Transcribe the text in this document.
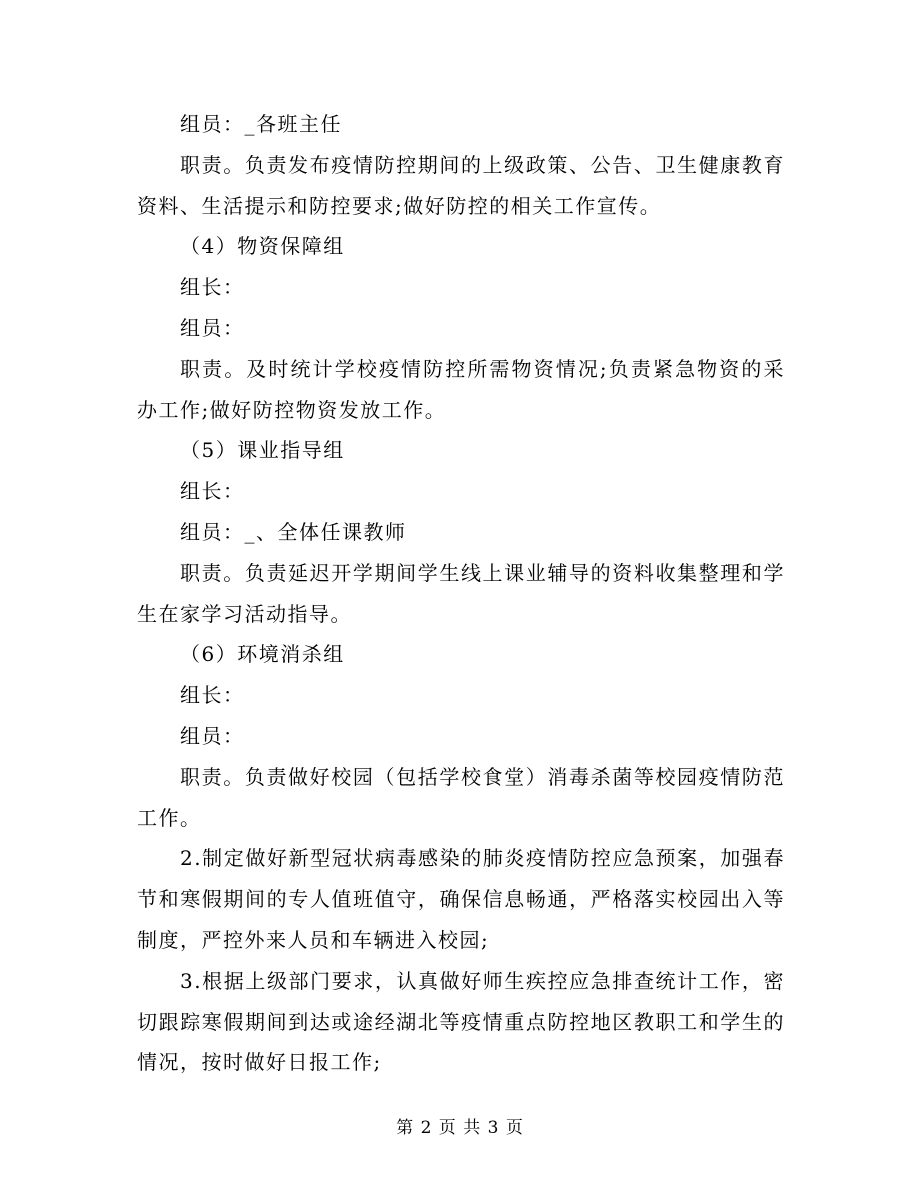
组员：_各班主任

职责。负责发布疫情防控期间的上级政策、公告、卫生健康教育资料、生活提示和防控要求;做好防控的相关工作宣传。

（4）物资保障组

组长：

组员：

职责。及时统计学校疫情防控所需物资情况;负责紧急物资的采办工作;做好防控物资发放工作。

（5）课业指导组

组长：

组员：_、全体任课教师

职责。负责延迟开学期间学生线上课业辅导的资料收集整理和学生在家学习活动指导。

（6）环境消杀组

组长：

组员：

职责。负责做好校园（包括学校食堂）消毒杀菌等校园疫情防范工作。

2.制定做好新型冠状病毒感染的肺炎疫情防控应急预案，加强春节和寒假期间的专人值班值守，确保信息畅通，严格落实校园出入等制度，严控外来人员和车辆进入校园;

3.根据上级部门要求，认真做好师生疾控应急排查统计工作，密切跟踪寒假期间到达或途经湖北等疫情重点防控地区教职工和学生的情况，按时做好日报工作;

第 2 页 共 3 页
